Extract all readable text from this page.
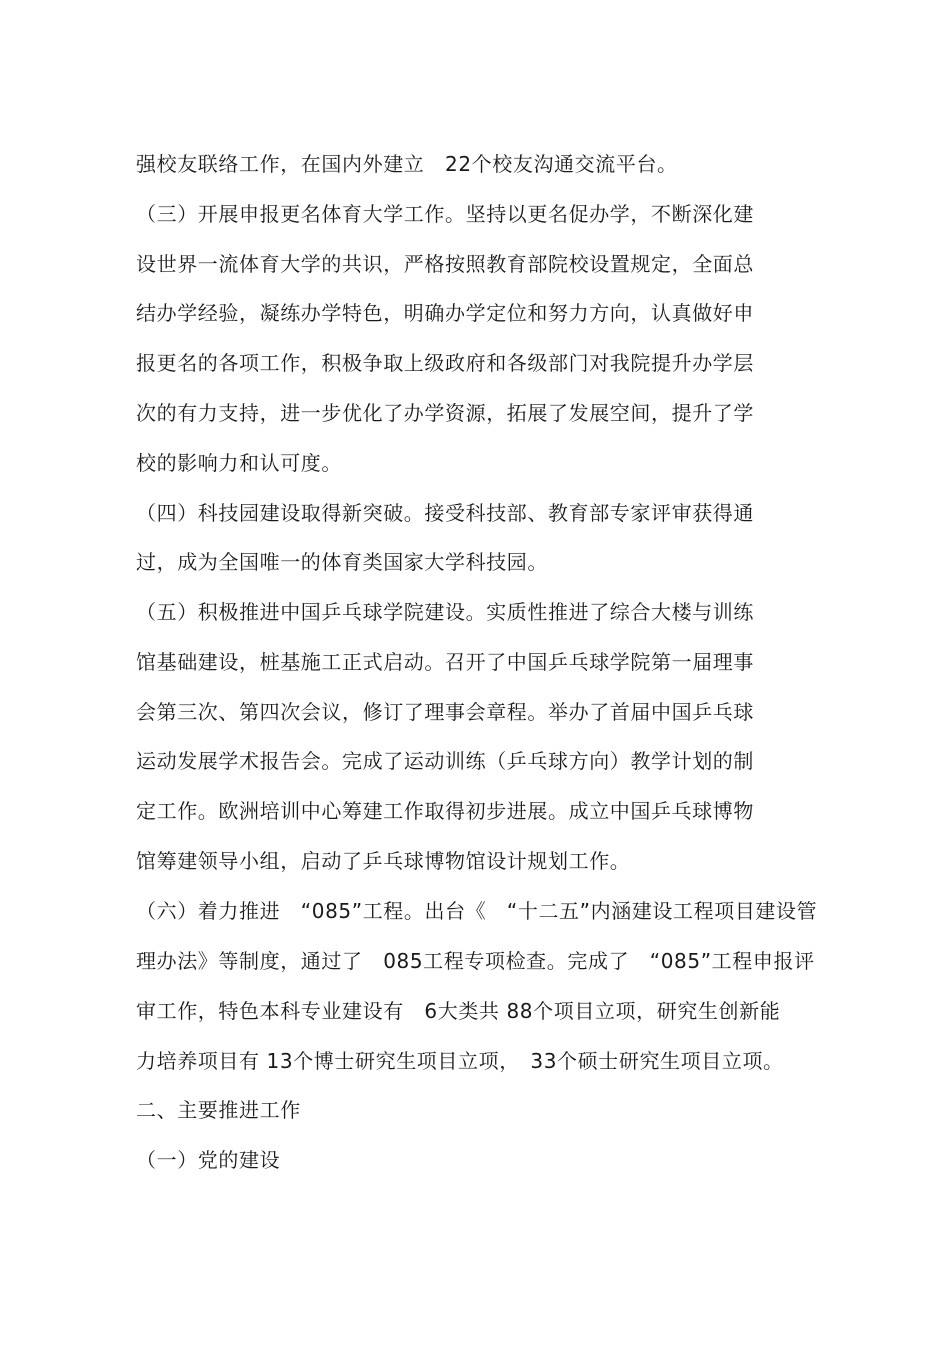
强校友联络工作，在国内外建立　22个校友沟通交流平台。

（三）开展申报更名体育大学工作。坚持以更名促办学，不断深化建

设世界一流体育大学的共识，严格按照教育部院校设置规定，全面总

结办学经验，凝练办学特色，明确办学定位和努力方向，认真做好申

报更名的各项工作，积极争取上级政府和各级部门对我院提升办学层

次的有力支持，进一步优化了办学资源，拓展了发展空间，提升了学

校的影响力和认可度。

（四）科技园建设取得新突破。接受科技部、教育部专家评审获得通

过，成为全国唯一的体育类国家大学科技园。

（五）积极推进中国乒乓球学院建设。实质性推进了综合大楼与训练

馆基础建设，桩基施工正式启动。召开了中国乒乓球学院第一届理事

会第三次、第四次会议，修订了理事会章程。举办了首届中国乒乓球

运动发展学术报告会。完成了运动训练（乒乓球方向）教学计划的制

定工作。欧洲培训中心筹建工作取得初步进展。成立中国乒乓球博物

馆筹建领导小组，启动了乒乓球博物馆设计规划工作。

（六）着力推进　“085”工程。出台《　“十二五”内涵建设工程项目建设管

理办法》等制度，通过了　085工程专项检查。完成了　“085”工程申报评

审工作，特色本科专业建设有　6大类共 88个项目立项，研究生创新能

力培养项目有 13个博士研究生项目立项，　33个硕士研究生项目立项。

二、主要推进工作

（一）党的建设
